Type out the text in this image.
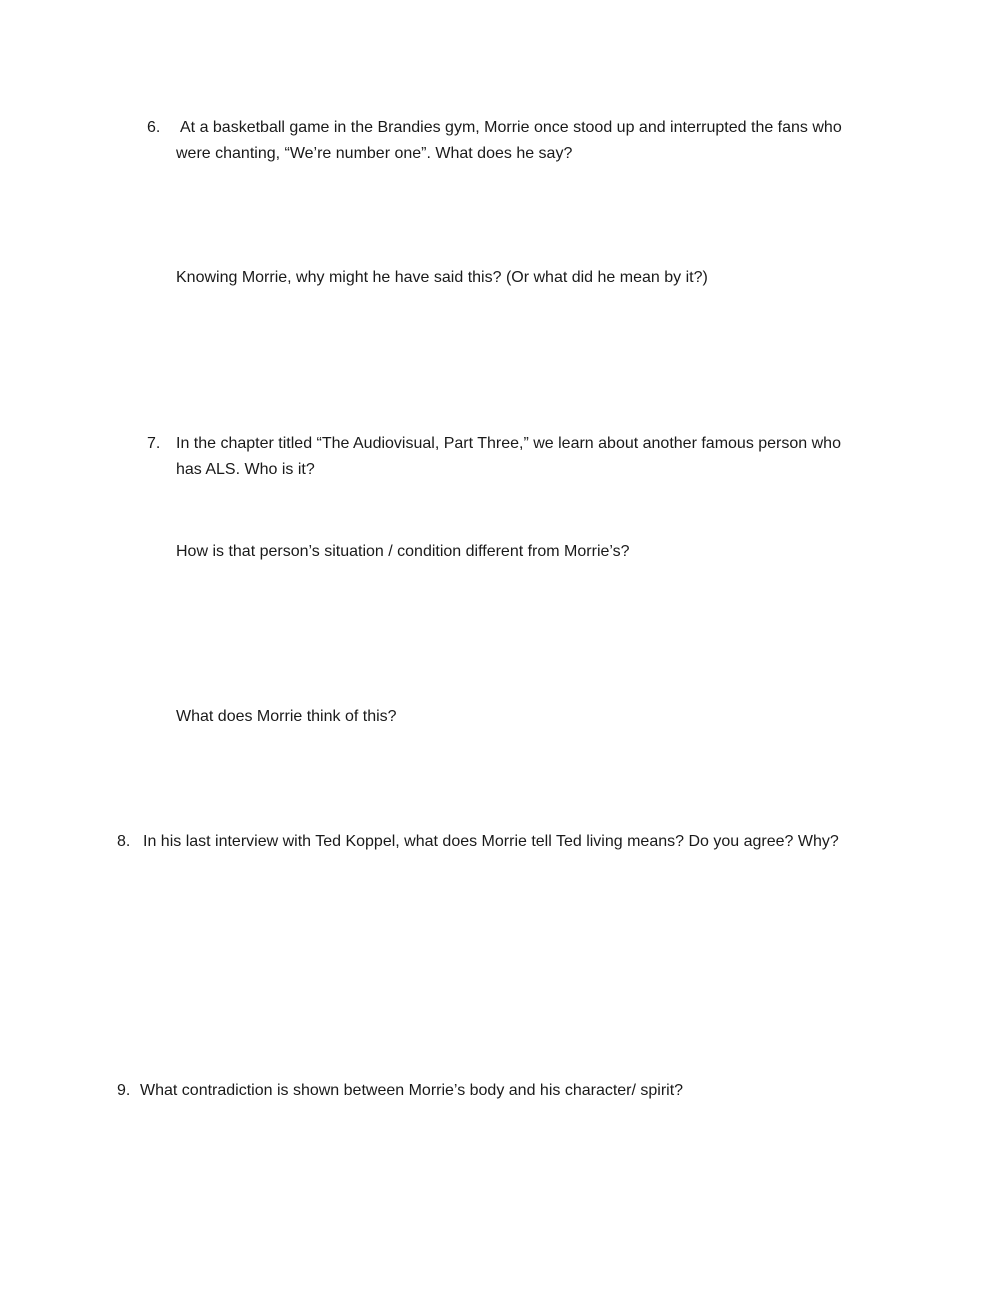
6. At a basketball game in the Brandies gym, Morrie once stood up and interrupted the fans who
were chanting, “We’re number one”. What does he say?
Knowing Morrie, why might he have said this? (Or what did he mean by it?)
7. In the chapter titled “The Audiovisual, Part Three,” we learn about another famous person who
has ALS. Who is it?
How is that person’s situation / condition different from Morrie’s?
What does Morrie think of this?
8. In his last interview with Ted Koppel, what does Morrie tell Ted living means? Do you agree? Why?
9. What contradiction is shown between Morrie’s body and his character/ spirit?
